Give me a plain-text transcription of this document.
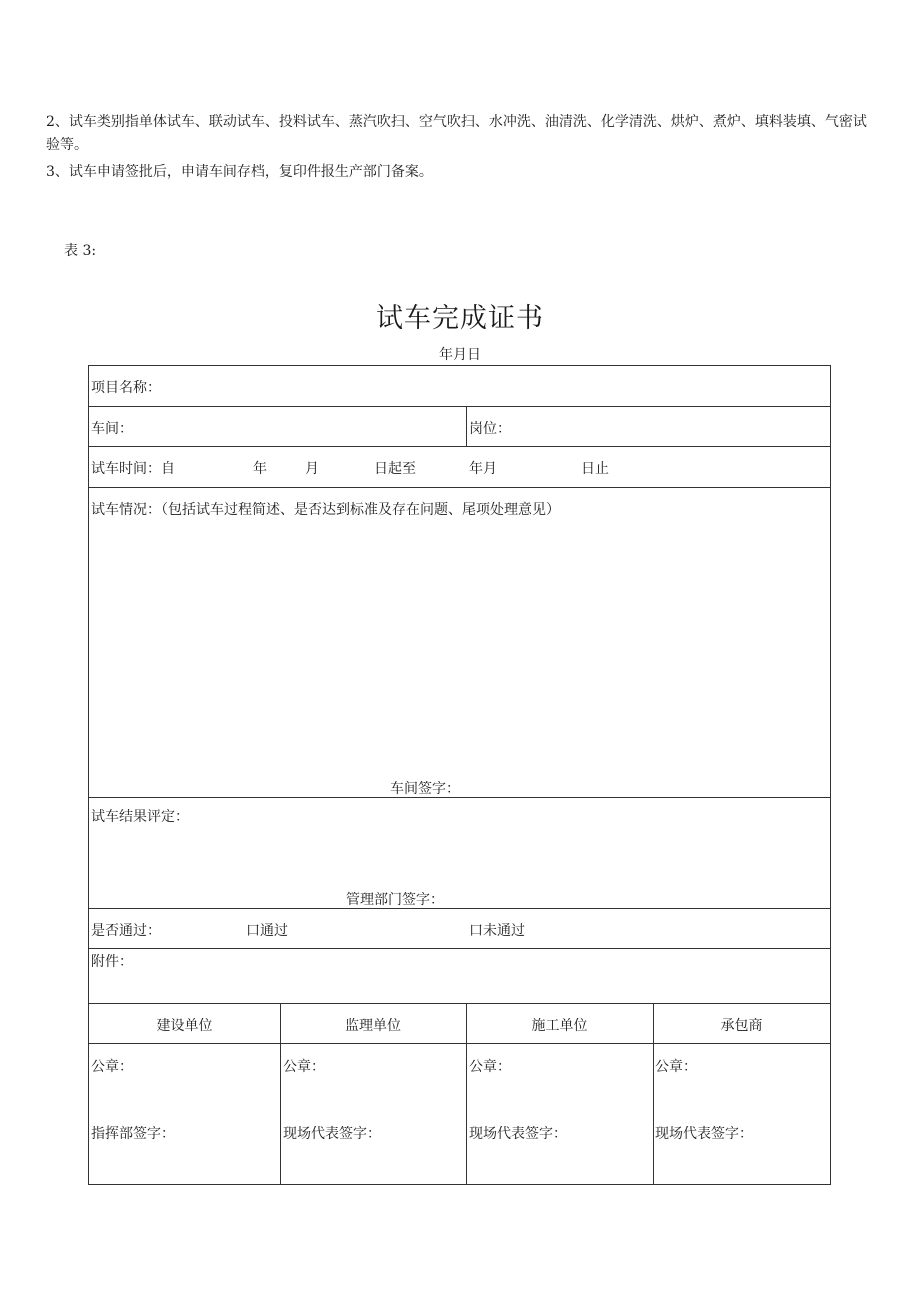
2、试车类别指单体试车、联动试车、投料试车、蒸汽吹扫、空气吹扫、水冲洗、油清洗、化学清洗、烘炉、煮炉、填料装填、气密试验等。
3、试车申请签批后，申请车间存档，复印件报生产部门备案。
表 3:
试车完成证书
年月日
项目名称：
车间：	岗位：
试车时间：自	年	月	日起至	年月	日止
试车情况：（包括试车过程简述、是否达到标准及存在问题、尾项处理意见）
车间签字：
试车结果评定：
管理部门签字：
是否通过：	口通过	口未通过
附件：
建设单位	监理单位	施工单位	承包商
公章：	公章：	公章：	公章：
指挥部签字：	现场代表签字：	现场代表签字：	现场代表签字：
